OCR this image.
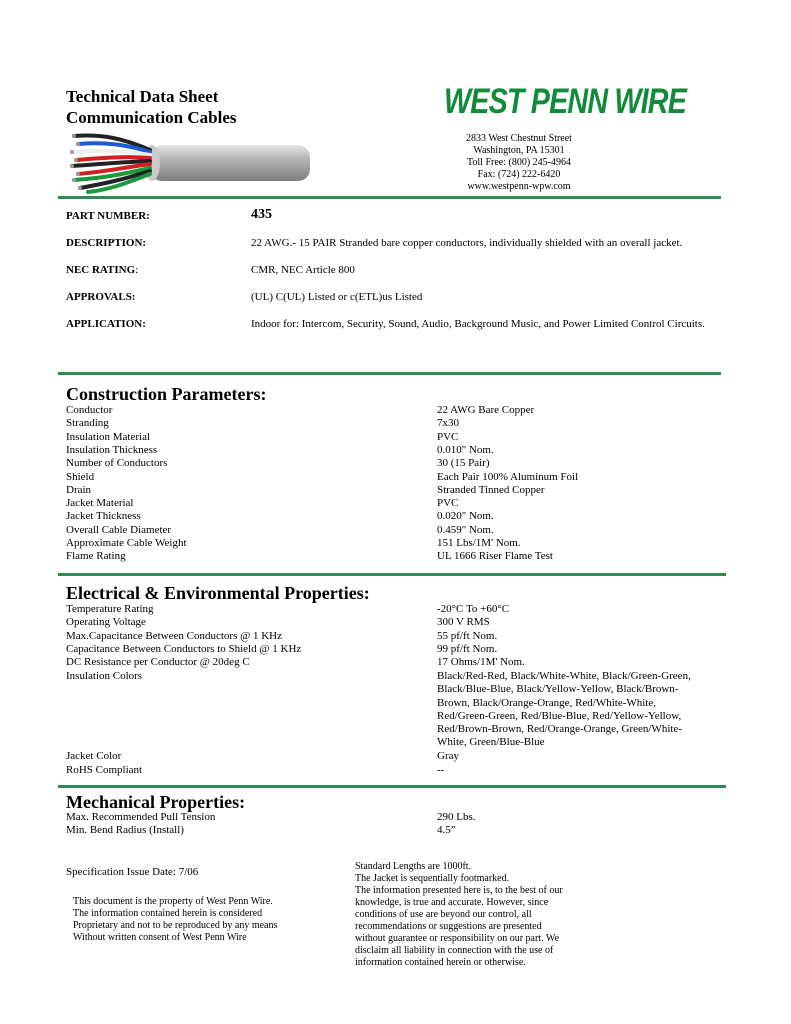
Technical Data Sheet
Communication Cables	WEST PENN WIRE
2833 West Chestnut Street
Washington, PA 15301
Toll Free: (800) 245-4964
Fax: (724) 222-6420
www.westpenn-wpw.com
PART NUMBER:	435
DESCRIPTION:	22 AWG.- 15 PAIR Stranded bare copper conductors, individually shielded with an overall jacket.
NEC RATING:	CMR, NEC Article 800
APPROVALS:	(UL) C(UL) Listed or c(ETL)us Listed
APPLICATION:	Indoor for: Intercom, Security, Sound, Audio, Background Music, and Power Limited Control Circuits.
Construction Parameters:
Conductor	22 AWG Bare Copper
Stranding	7x30
Insulation Material	PVC
Insulation Thickness	0.010" Nom.
Number of Conductors	30 (15 Pair)
Shield	Each Pair 100% Aluminum Foil
Drain	Stranded Tinned Copper
Jacket Material	PVC
Jacket Thickness	0.020" Nom.
Overall Cable Diameter	0.459" Nom.
Approximate Cable Weight	151 Lbs/1M' Nom.
Flame Rating	UL 1666 Riser Flame Test
Electrical & Environmental Properties:
Temperature Rating	-20°C To +60°C
Operating Voltage	300 V RMS
Max.Capacitance Between Conductors @ 1 KHz	55 pf/ft Nom.
Capacitance Between Conductors to Shield @ 1 KHz	99 pf/ft Nom.
DC Resistance per Conductor @ 20deg C	17 Ohms/1M' Nom.
Insulation Colors	Black/Red-Red, Black/White-White, Black/Green-Green,
Black/Blue-Blue, Black/Yellow-Yellow, Black/Brown-
Brown, Black/Orange-Orange, Red/White-White,
Red/Green-Green, Red/Blue-Blue, Red/Yellow-Yellow,
Red/Brown-Brown, Red/Orange-Orange, Green/White-
White, Green/Blue-Blue
Jacket Color	Gray
RoHS Compliant	--
Mechanical Properties:
Max. Recommended Pull Tension	290 Lbs.
Min. Bend Radius (Install)	4.5”
Specification Issue Date: 7/06
This document is the property of West Penn Wire.
The information contained herein is considered
Proprietary and not to be reproduced by any means
Without written consent of West Penn Wire
Standard Lengths are 1000ft.
The Jacket is sequentially footmarked.
The information presented here is, to the best of our
knowledge, is true and accurate. However, since
conditions of use are beyond our control, all
recommendations or suggestions are presented
without guarantee or responsibility on our part. We
disclaim all liability in connection with the use of
information contained herein or otherwise.
